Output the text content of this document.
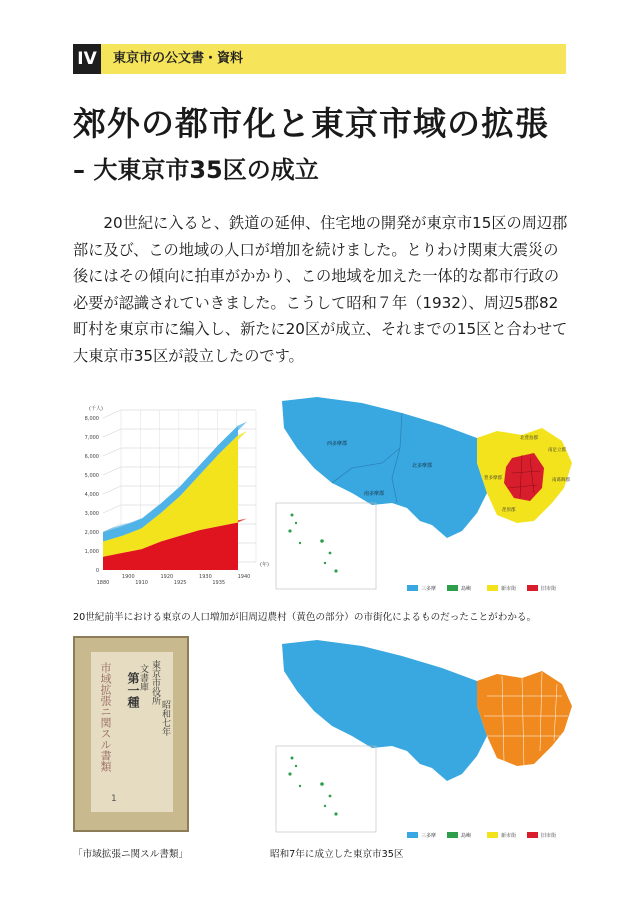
IV	東京市の公文書・資料
郊外の都市化と東京市域の拡張
– 大東京市35区の成立
20世紀に入ると、鉄道の延伸、住宅地の開発が東京市15区の周辺郡部に及び、この地域の人口が増加を続けました。とりわけ関東大震災の後にはその傾向に拍車がかかり、この地域を加えた一体的な都市行政の必要が認識されていきました。こうして昭和７年（1932）、周辺5郡82町村を東京市に編入し、新たに20区が成立、それまでの15区と合わせて大東京市35区が設立したのです。
0
1,000
2,000
3,000
4,000
5,000
6,000
7,000
8,000
1880
1900
1910
1920
1925
1930
1935
1940
(千人)
(年)
西多摩郡
北多摩郡
南多摩郡
北豊島郡
南足立郡
南葛飾郡
荏原郡
豊多摩郡
三多摩	島嶼	新市街	旧市街
20世紀前半における東京の人口増加が旧周辺農村（黄色の部分）の市街化によるものだったことがわかる。
市域拡張ニ関スル書類	東京市役所
文書庫
第一種
昭和七年
1
「市域拡張ニ関スル書類」
三多摩	島嶼	新市街	旧市街
昭和7年に成立した東京市35区
